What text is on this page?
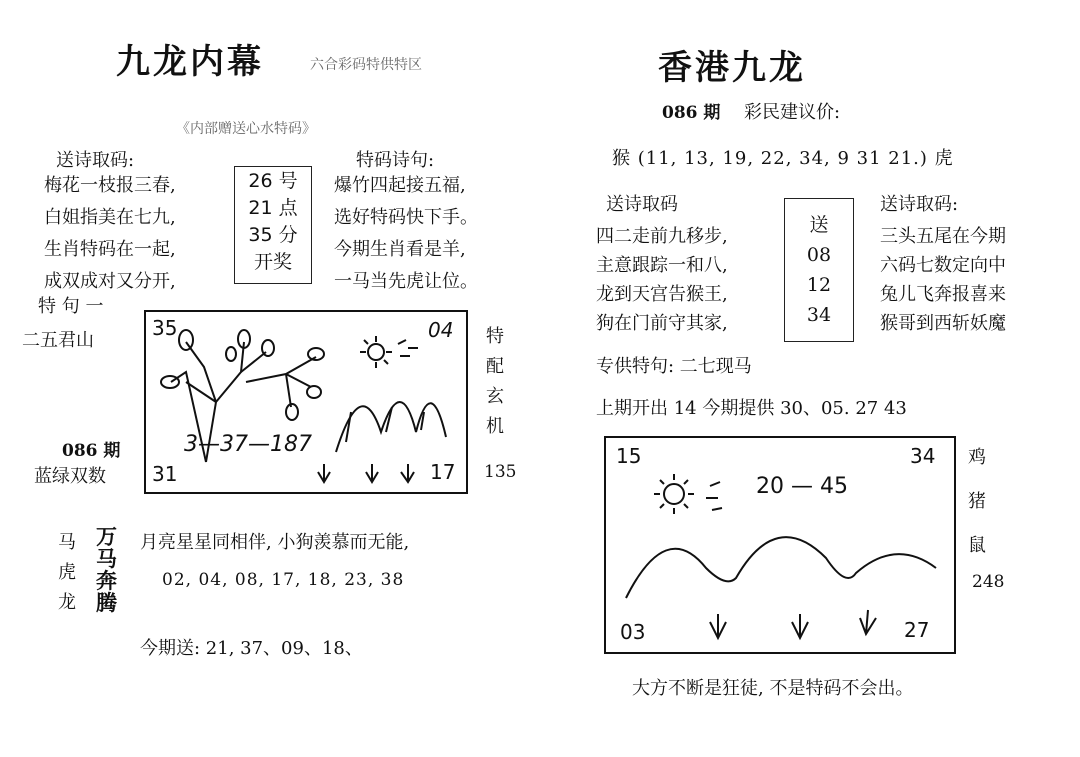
九龙内幕	六合彩码特供特区
《内部赠送心水特码》
送诗取码:
梅花一枝报三春,
白姐指美在七九,
生肖特码在一起,
成双成对又分开,
26 号
21 点
35 分
开奖
特码诗句:
爆竹四起接五福,
选好特码快下手。
今期生肖看是羊,
一马当先虎让位。
特 句 一
二五君山
086 期
蓝绿双数
35	04
31	17
3—37—187
特
配
玄
机
135
马
虎
龙
万
马
奔
腾
月亮星星同相伴, 小狗羡慕而无能,
02, 04, 08, 17, 18, 23, 38
今期送: 21, 37、09、18、
香港九龙
086 期 彩民建议价:
猴 (11, 13, 19, 22, 34, 9 31 21.) 虎
送诗取码
四二走前九移步,
主意跟踪一和八,
龙到天宫告猴王,
狗在门前守其家,
送
08
12
34
送诗取码:
三头五尾在今期
六码七数定向中
兔儿飞奔报喜来
猴哥到西斩妖魔
专供特句: 二七现马
上期开出 14 今期提供 30、05. 27 43
15	34
03	27
20 — 45
鸡
猪
鼠
248
大方不断是狂徒, 不是特码不会出。
